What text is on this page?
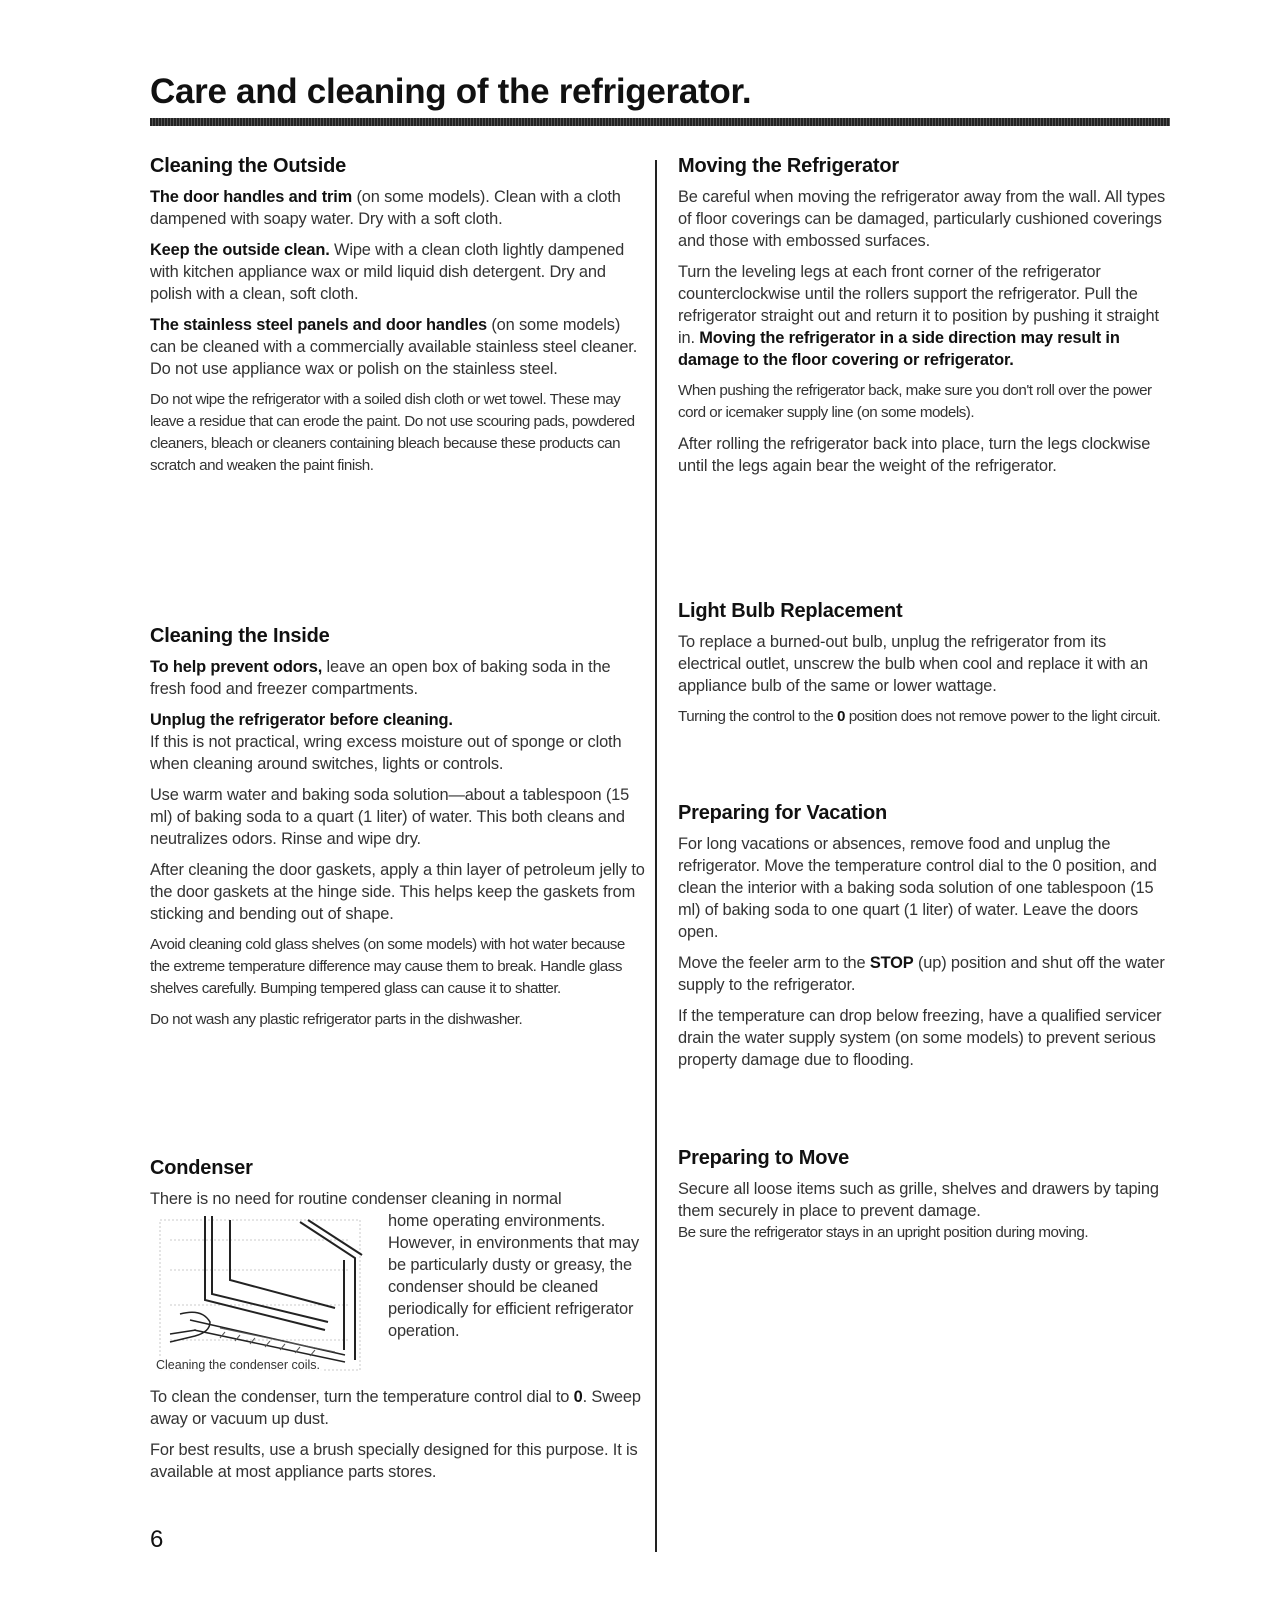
Care and cleaning of the refrigerator.
Cleaning the Outside

The door handles and trim (on some models). Clean with a cloth dampened with soapy water. Dry with a soft cloth.

Keep the outside clean. Wipe with a clean cloth lightly dampened with kitchen appliance wax or mild liquid dish detergent. Dry and polish with a clean, soft cloth.

The stainless steel panels and door handles (on some models) can be cleaned with a commercially available stainless steel cleaner. Do not use appliance wax or polish on the stainless steel.

Do not wipe the refrigerator with a soiled dish cloth or wet towel. These may leave a residue that can erode the paint. Do not use scouring pads, powdered cleaners, bleach or cleaners containing bleach because these products can scratch and weaken the paint finish.

Cleaning the Inside

To help prevent odors, leave an open box of baking soda in the fresh food and freezer compartments.

Unplug the refrigerator before cleaning.
If this is not practical, wring excess moisture out of sponge or cloth when cleaning around switches, lights or controls.

Use warm water and baking soda solution—about a tablespoon (15 ml) of baking soda to a quart (1 liter) of water. This both cleans and neutralizes odors. Rinse and wipe dry.

After cleaning the door gaskets, apply a thin layer of petroleum jelly to the door gaskets at the hinge side. This helps keep the gaskets from sticking and bending out of shape.

Avoid cleaning cold glass shelves (on some models) with hot water because the extreme temperature difference may cause them to break. Handle glass shelves carefully. Bumping tempered glass can cause it to shatter.

Do not wash any plastic refrigerator parts in the dishwasher.

Condenser

There is no need for routine condenser cleaning in normal

Cleaning the condenser coils.

home operating environments. However, in environments that may be particularly dusty or greasy, the condenser should be cleaned periodically for efficient refrigerator operation.

To clean the condenser, turn the temperature control dial to 0. Sweep away or vacuum up dust.

For best results, use a brush specially designed for this purpose. It is available at most appliance parts stores.

Moving the Refrigerator

Be careful when moving the refrigerator away from the wall. All types of floor coverings can be damaged, particularly cushioned coverings and those with embossed surfaces.

Turn the leveling legs at each front corner of the refrigerator counterclockwise until the rollers support the refrigerator. Pull the refrigerator straight out and return it to position by pushing it straight in. Moving the refrigerator in a side direction may result in damage to the floor covering or refrigerator.

When pushing the refrigerator back, make sure you don't roll over the power cord or icemaker supply line (on some models).

After rolling the refrigerator back into place, turn the legs clockwise until the legs again bear the weight of the refrigerator.

Light Bulb Replacement

To replace a burned-out bulb, unplug the refrigerator from its electrical outlet, unscrew the bulb when cool and replace it with an appliance bulb of the same or lower wattage.

Turning the control to the 0 position does not remove power to the light circuit.

Preparing for Vacation

For long vacations or absences, remove food and unplug the refrigerator. Move the temperature control dial to the 0 position, and clean the interior with a baking soda solution of one tablespoon (15 ml) of baking soda to one quart (1 liter) of water. Leave the doors open.

Move the feeler arm to the STOP (up) position and shut off the water supply to the refrigerator.

If the temperature can drop below freezing, have a qualified servicer drain the water supply system (on some models) to prevent serious property damage due to flooding.

Preparing to Move

Secure all loose items such as grille, shelves and drawers by taping them securely in place to prevent damage.

Be sure the refrigerator stays in an upright position during moving.

6
